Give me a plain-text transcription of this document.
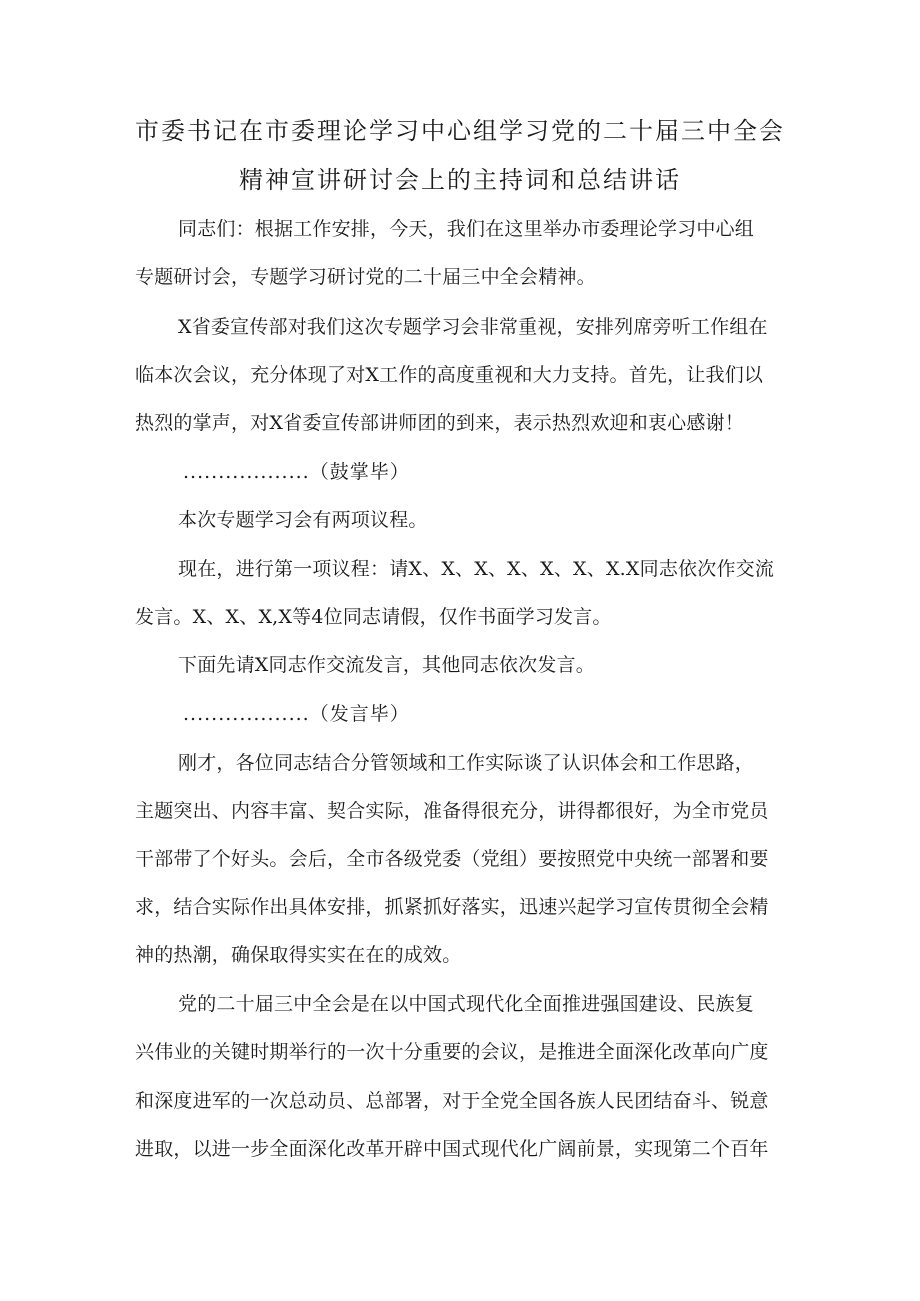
市委书记在市委理论学习中心组学习党的二十届三中全会
精神宣讲研讨会上的主持词和总结讲话
同志们：根据工作安排，今天，我们在这里举办市委理论学习中心组
专题研讨会，专题学习研讨党的二十届三中全会精神。
X省委宣传部对我们这次专题学习会非常重视，安排列席旁听工作组在
临本次会议，充分体现了对X工作的高度重视和大力支持。首先，让我们以
热烈的掌声，对X省委宣传部讲师团的到来，表示热烈欢迎和衷心感谢！
..................（鼓掌毕）
本次专题学习会有两项议程。
现在，进行第一项议程：请X、X、X、X、X、X、X.X同志依次作交流
发言。X、X、X,X等4位同志请假，仅作书面学习发言。
下面先请X同志作交流发言，其他同志依次发言。
..................（发言毕）
刚才，各位同志结合分管领域和工作实际谈了认识体会和工作思路，
主题突出、内容丰富、契合实际，准备得很充分，讲得都很好，为全市党员
干部带了个好头。会后，全市各级党委（党组）要按照党中央统一部署和要
求，结合实际作出具体安排，抓紧抓好落实，迅速兴起学习宣传贯彻全会精
神的热潮，确保取得实实在在的成效。
党的二十届三中全会是在以中国式现代化全面推进强国建设、民族复
兴伟业的关键时期举行的一次十分重要的会议，是推进全面深化改革向广度
和深度进军的一次总动员、总部署，对于全党全国各族人民团结奋斗、锐意
进取，以进一步全面深化改革开辟中国式现代化广阔前景，实现第二个百年
